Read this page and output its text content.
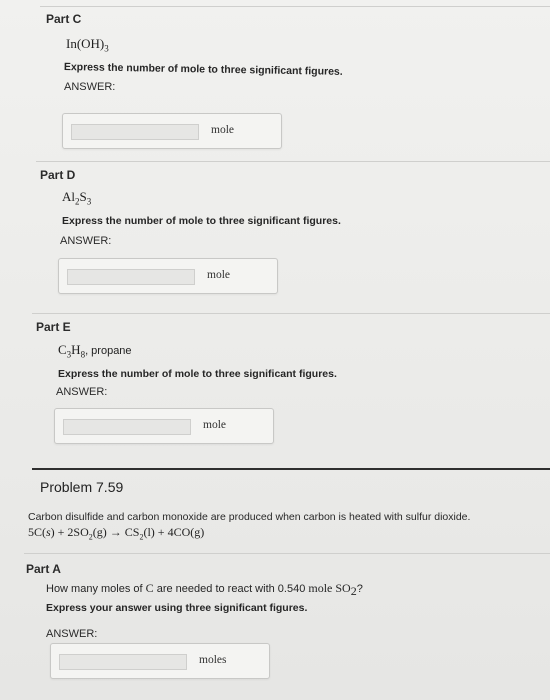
Part C
$In(OH)_3$
Express the number of mole to three significant figures.
ANSWER:
mole
Part D
$Al_2S_3$
Express the number of mole to three significant figures.
ANSWER:
mole
Part E
$C_3H_8$, propane
Express the number of mole to three significant figures.
ANSWER:
mole
Problem 7.59
Carbon disulfide and carbon monoxide are produced when carbon is heated with sulfur dioxide.
$5C(s) + 2SO_2(g) \to CS_2(l) + 4CO(g)$
Part A
How many moles of C are needed to react with 0.540 mole $SO_2$?
Express your answer using three significant figures.
ANSWER:
moles
